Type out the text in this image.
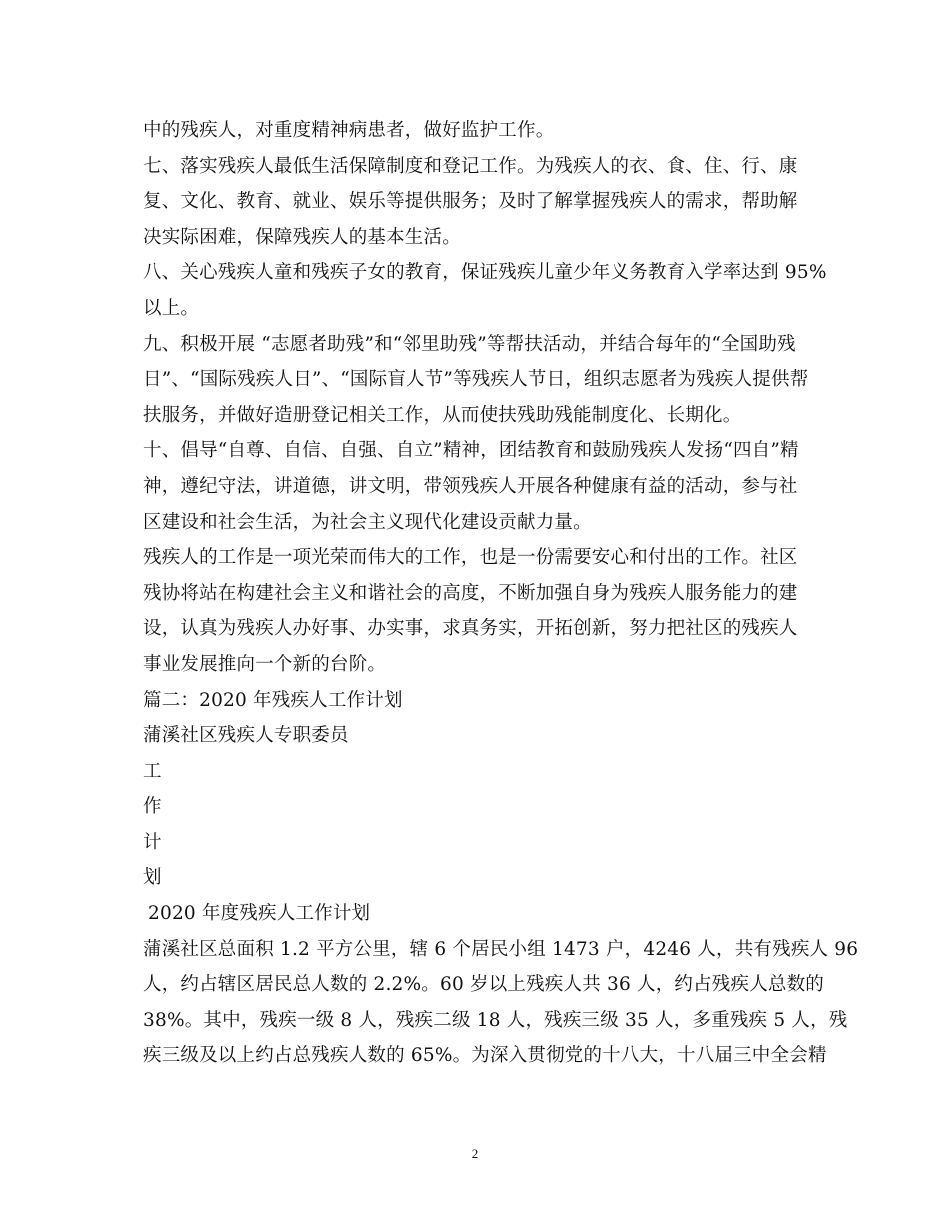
中的残疾人，对重度精神病患者，做好监护工作。
七、落实残疾人最低生活保障制度和登记工作。为残疾人的衣、食、住、行、康
复、文化、教育、就业、娱乐等提供服务；及时了解掌握残疾人的需求，帮助解
决实际困难，保障残疾人的基本生活。
八、关心残疾人童和残疾子女的教育，保证残疾儿童少年义务教育入学率达到 95%
以上。
九、积极开展 “志愿者助残”和“邻里助残”等帮扶活动，并结合每年的“全国助残
日”、“国际残疾人日”、“国际盲人节”等残疾人节日，组织志愿者为残疾人提供帮
扶服务，并做好造册登记相关工作，从而使扶残助残能制度化、长期化。
十、倡导“自尊、自信、自强、自立”精神，团结教育和鼓励残疾人发扬“四自”精
神，遵纪守法，讲道德，讲文明，带领残疾人开展各种健康有益的活动，参与社
区建设和社会生活，为社会主义现代化建设贡献力量。
残疾人的工作是一项光荣而伟大的工作，也是一份需要安心和付出的工作。社区
残协将站在构建社会主义和谐社会的高度，不断加强自身为残疾人服务能力的建
设，认真为残疾人办好事、办实事，求真务实，开拓创新，努力把社区的残疾人
事业发展推向一个新的台阶。
篇二：2020 年残疾人工作计划
蒲溪社区残疾人专职委员
工
作
计
划
2020 年度残疾人工作计划
蒲溪社区总面积 1.2 平方公里，辖 6 个居民小组 1473 户，4246 人，共有残疾人 96
人，约占辖区居民总人数的 2.2%。60 岁以上残疾人共 36 人，约占残疾人总数的
38%。其中，残疾一级 8 人，残疾二级 18 人，残疾三级 35 人，多重残疾 5 人，残
疾三级及以上约占总残疾人数的 65%。为深入贯彻党的十八大，十八届三中全会精
2
